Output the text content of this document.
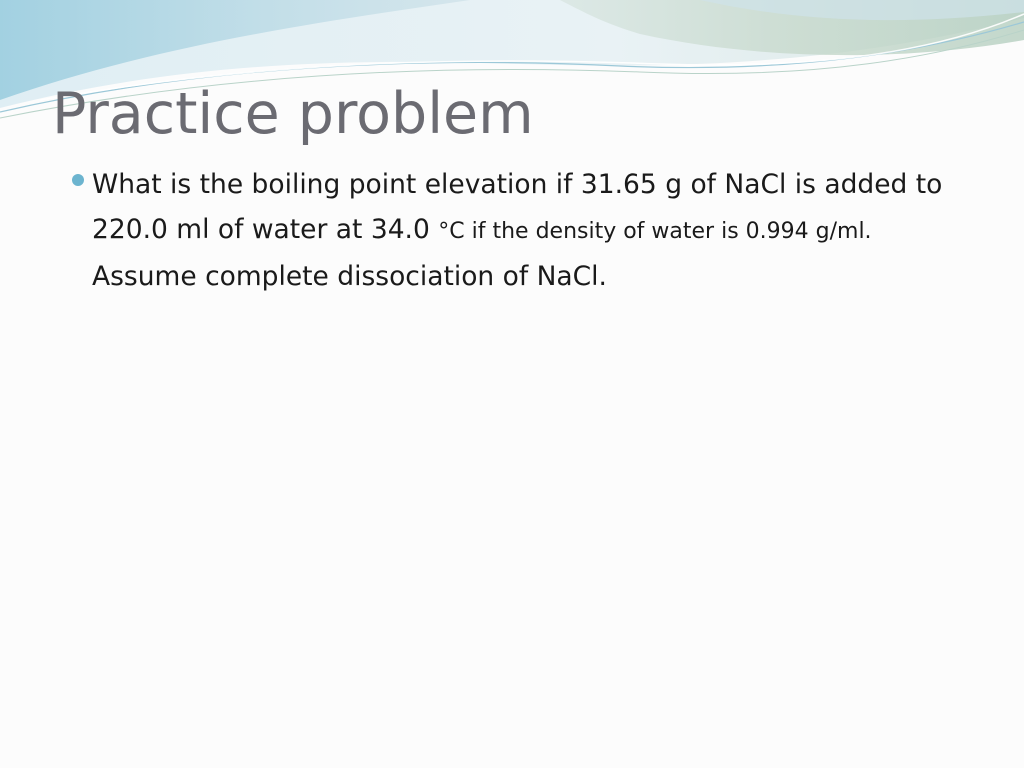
Practice problem
What is the boiling point elevation if 31.65 g of NaCl is added to 220.0 ml of water at 34.0 °C if the density of water is 0.994 g/ml. Assume complete dissociation of NaCl.
